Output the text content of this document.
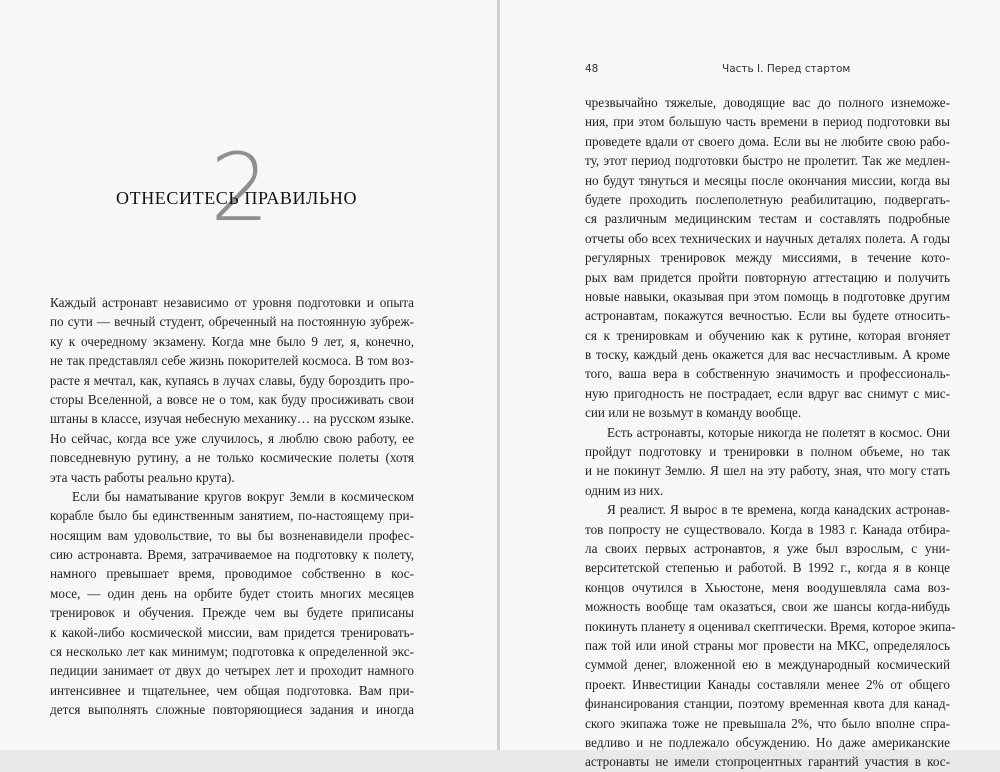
2
ОТНЕСИТЕСЬ ПРАВИЛЬНО
Каждый астронавт независимо от уровня подготовки и опыта
по сути — вечный студент, обреченный на постоянную зубреж-
ку к очередному экзамену. Когда мне было 9 лет, я, конечно,
не так представлял себе жизнь покорителей космоса. В том воз-
расте я мечтал, как, купаясь в лучах славы, буду бороздить про-
сторы Вселенной, а вовсе не о том, как буду просиживать свои
штаны в классе, изучая небесную механику… на русском языке.
Но сейчас, когда все уже случилось, я люблю свою работу, ее
повседневную рутину, а не только космические полеты (хотя
эта часть работы реально крута).
Если бы наматывание кругов вокруг Земли в космическом
корабле было бы единственным занятием, по-настоящему при-
носящим вам удовольствие, то вы бы возненавидели профес-
сию астронавта. Время, затрачиваемое на подготовку к полету,
намного превышает время, проводимое собственно в кос-
мосе, — один день на орбите будет стоить многих месяцев
тренировок и обучения. Прежде чем вы будете приписаны
к какой-либо космической миссии, вам придется тренировать-
ся несколько лет как минимум; подготовка к определенной экс-
педиции занимает от двух до четырех лет и проходит намного
интенсивнее и тщательнее, чем общая подготовка. Вам при-
дется выполнять сложные повторяющиеся задания и иногда
48	Часть I. Перед стартом
чрезвычайно тяжелые, доводящие вас до полного изнеможе-
ния, при этом большую часть времени в период подготовки вы
проведете вдали от своего дома. Если вы не любите свою рабо-
ту, этот период подготовки быстро не пролетит. Так же медлен-
но будут тянуться и месяцы после окончания миссии, когда вы
будете проходить послеполетную реабилитацию, подвергать-
ся различным медицинским тестам и составлять подробные
отчеты обо всех технических и научных деталях полета. А годы
регулярных тренировок между миссиями, в течение кото-
рых вам придется пройти повторную аттестацию и получить
новые навыки, оказывая при этом помощь в подготовке другим
астронавтам, покажутся вечностью. Если вы будете относить-
ся к тренировкам и обучению как к рутине, которая вгоняет
в тоску, каждый день окажется для вас несчастливым. А кроме
того, ваша вера в собственную значимость и профессиональ-
ную пригодность не пострадает, если вдруг вас снимут с мис-
сии или не возьмут в команду вообще.
Есть астронавты, которые никогда не полетят в космос. Они
пройдут подготовку и тренировки в полном объеме, но так
и не покинут Землю. Я шел на эту работу, зная, что могу стать
одним из них.
Я реалист. Я вырос в те времена, когда канадских астронав-
тов попросту не существовало. Когда в 1983 г. Канада отбира-
ла своих первых астронавтов, я уже был взрослым, с уни-
верситетской степенью и работой. В 1992 г., когда я в конце
концов очутился в Хьюстоне, меня воодушевляла сама воз-
можность вообще там оказаться, свои же шансы когда-нибудь
покинуть планету я оценивал скептически. Время, которое экипа-
паж той или иной страны мог провести на МКС, определялось
суммой денег, вложенной ею в международный космический
проект. Инвестиции Канады составляли менее 2% от общего
финансирования станции, поэтому временная квота для канад-
ского экипажа тоже не превышала 2%, что было вполне спра-
ведливо и не подлежало обсуждению. Но даже американские
астронавты не имели стопроцентных гарантий участия в кос-
